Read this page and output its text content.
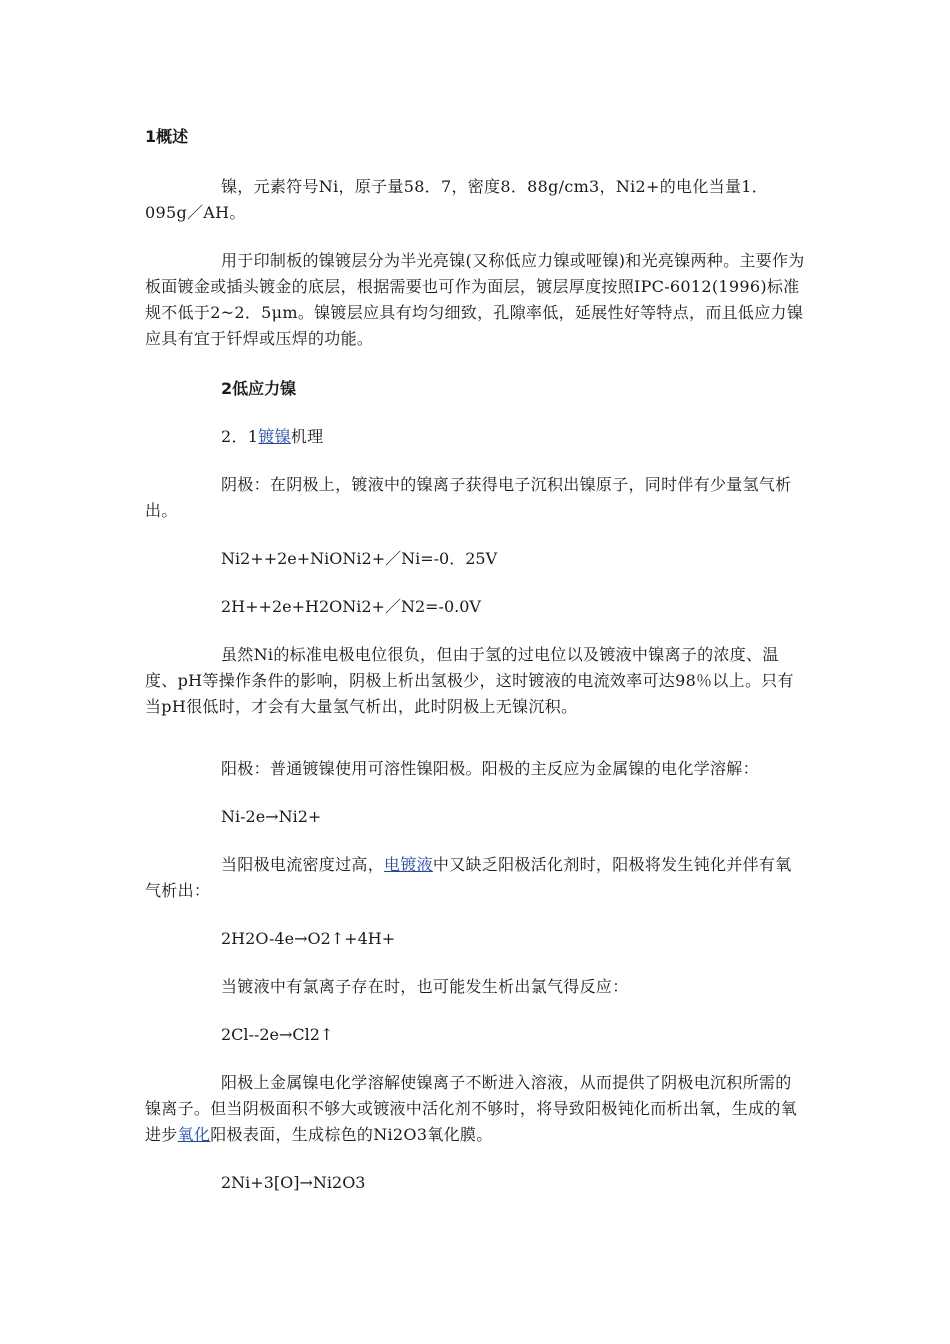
1概述

镍，元素符号Ni，原子量58．7，密度8．88g/cm3，Ni2+的电化当量1．095g／AH。

用于印制板的镍镀层分为半光亮镍(又称低应力镍或哑镍)和光亮镍两种。主要作为板面镀金或插头镀金的底层，根据需要也可作为面层，镀层厚度按照IPC-6012(1996)标准规不低于2~2．5μm。镍镀层应具有均匀细致，孔隙率低，延展性好等特点，而且低应力镍应具有宜于钎焊或压焊的功能。

2低应力镍

2．1镀镍机理

阴极：在阴极上，镀液中的镍离子获得电子沉积出镍原子，同时伴有少量氢气析出。

Ni2++2e+NiONi2+／Ni=-0．25V

2H++2e+H2ONi2+／N2=-0.0V

虽然Ni的标准电极电位很负，但由于氢的过电位以及镀液中镍离子的浓度、温度、pH等操作条件的影响，阴极上析出氢极少，这时镀液的电流效率可达98％以上。只有当pH很低时，才会有大量氢气析出，此时阴极上无镍沉积。

阳极：普通镀镍使用可溶性镍阳极。阳极的主反应为金属镍的电化学溶解：

Ni-2e→Ni2+

当阳极电流密度过高，电镀液中又缺乏阳极活化剂时，阳极将发生钝化并伴有氧气析出：

2H2O-4e→O2↑+4H+

当镀液中有氯离子存在时，也可能发生析出氯气得反应：

2Cl--2e→Cl2↑

阳极上金属镍电化学溶解使镍离子不断进入溶液，从而提供了阴极电沉积所需的镍离子。但当阴极面积不够大或镀液中活化剂不够时，将导致阳极钝化而析出氧，生成的氧进步氧化阳极表面，生成棕色的Ni2O3氧化膜。

2Ni+3[O]→Ni2O3
